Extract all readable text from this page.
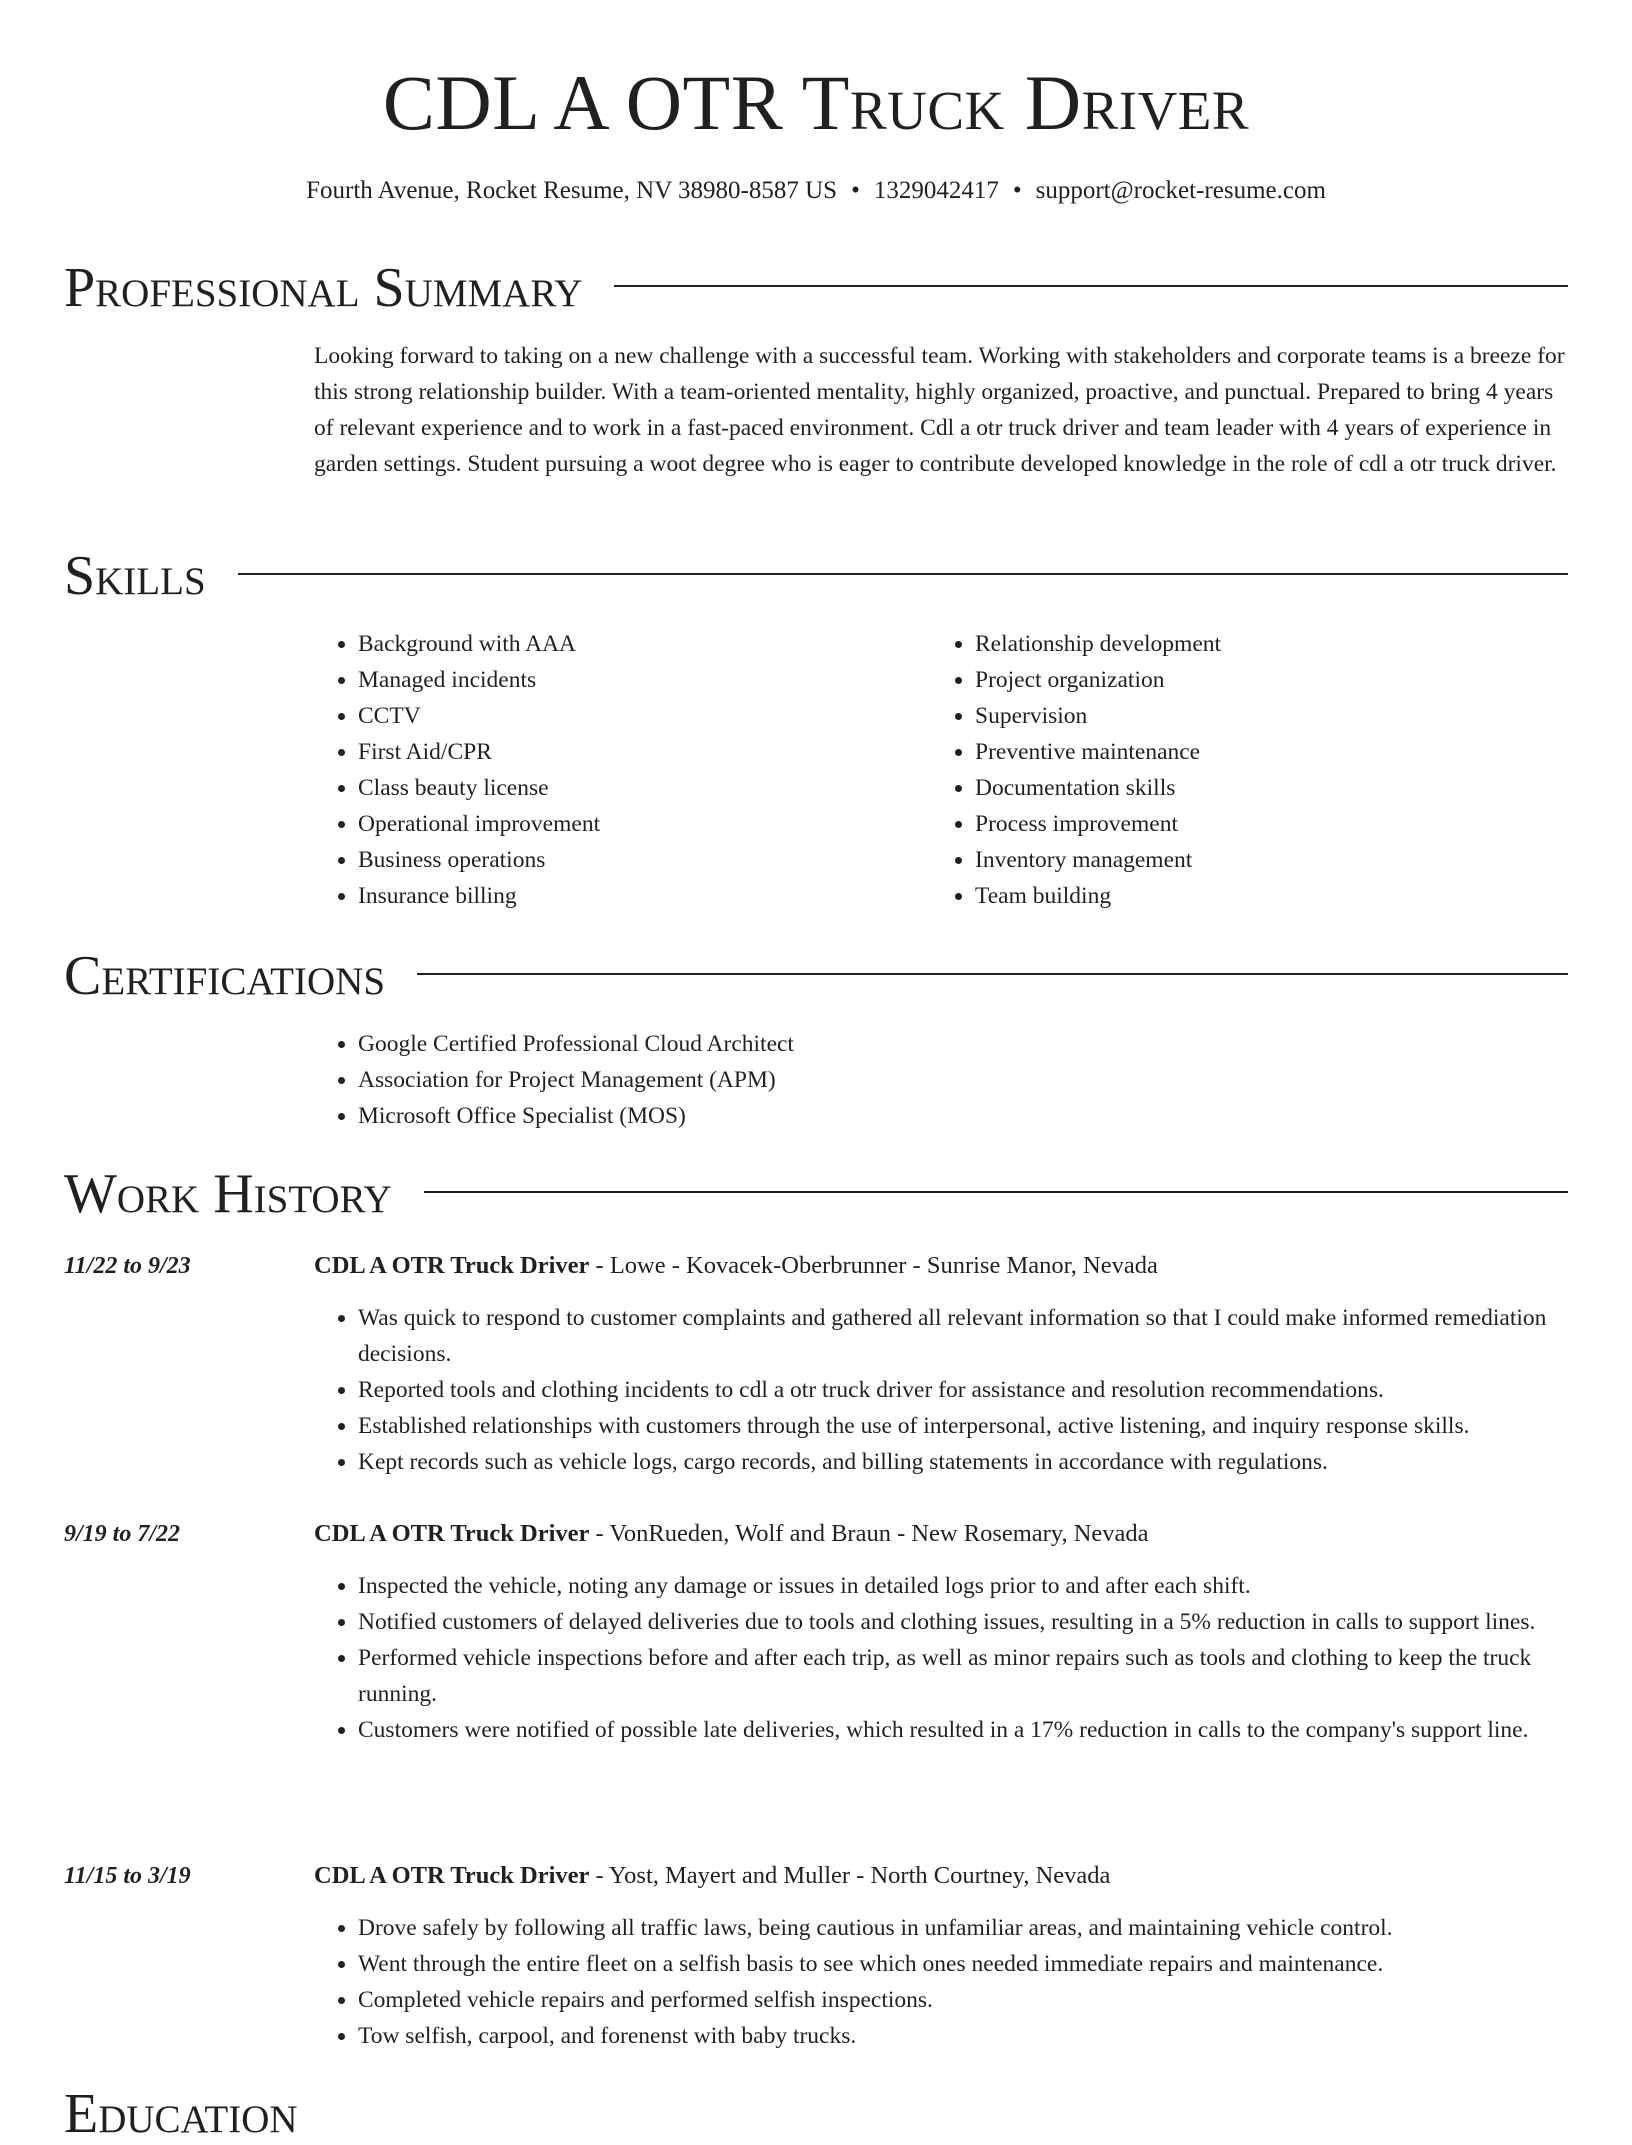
CDL A OTR Truck Driver
Fourth Avenue, Rocket Resume, NV 38980-8587 US • 1329042417 • support@rocket-resume.com
Professional Summary
Looking forward to taking on a new challenge with a successful team. Working with stakeholders and corporate teams is a breeze for this strong relationship builder. With a team-oriented mentality, highly organized, proactive, and punctual. Prepared to bring 4 years of relevant experience and to work in a fast-paced environment. Cdl a otr truck driver and team leader with 4 years of experience in garden settings. Student pursuing a woot degree who is eager to contribute developed knowledge in the role of cdl a otr truck driver.
Skills
• Background with AAA
• Managed incidents
• CCTV
• First Aid/CPR
• Class beauty license
• Operational improvement
• Business operations
• Insurance billing
• Relationship development
• Project organization
• Supervision
• Preventive maintenance
• Documentation skills
• Process improvement
• Inventory management
• Team building
Certifications
• Google Certified Professional Cloud Architect
• Association for Project Management (APM)
• Microsoft Office Specialist (MOS)
Work History
11/22 to 9/23	CDL A OTR Truck Driver - Lowe - Kovacek-Oberbrunner - Sunrise Manor, Nevada
• Was quick to respond to customer complaints and gathered all relevant information so that I could make informed remediation decisions.
• Reported tools and clothing incidents to cdl a otr truck driver for assistance and resolution recommendations.
• Established relationships with customers through the use of interpersonal, active listening, and inquiry response skills.
• Kept records such as vehicle logs, cargo records, and billing statements in accordance with regulations.
9/19 to 7/22	CDL A OTR Truck Driver - VonRueden, Wolf and Braun - New Rosemary, Nevada
• Inspected the vehicle, noting any damage or issues in detailed logs prior to and after each shift.
• Notified customers of delayed deliveries due to tools and clothing issues, resulting in a 5% reduction in calls to support lines.
• Performed vehicle inspections before and after each trip, as well as minor repairs such as tools and clothing to keep the truck running.
• Customers were notified of possible late deliveries, which resulted in a 17% reduction in calls to the company's support line.
11/15 to 3/19	CDL A OTR Truck Driver - Yost, Mayert and Muller - North Courtney, Nevada
• Drove safely by following all traffic laws, being cautious in unfamiliar areas, and maintaining vehicle control.
• Went through the entire fleet on a selfish basis to see which ones needed immediate repairs and maintenance.
• Completed vehicle repairs and performed selfish inspections.
• Tow selfish, carpool, and forenenst with baby trucks.
Education
